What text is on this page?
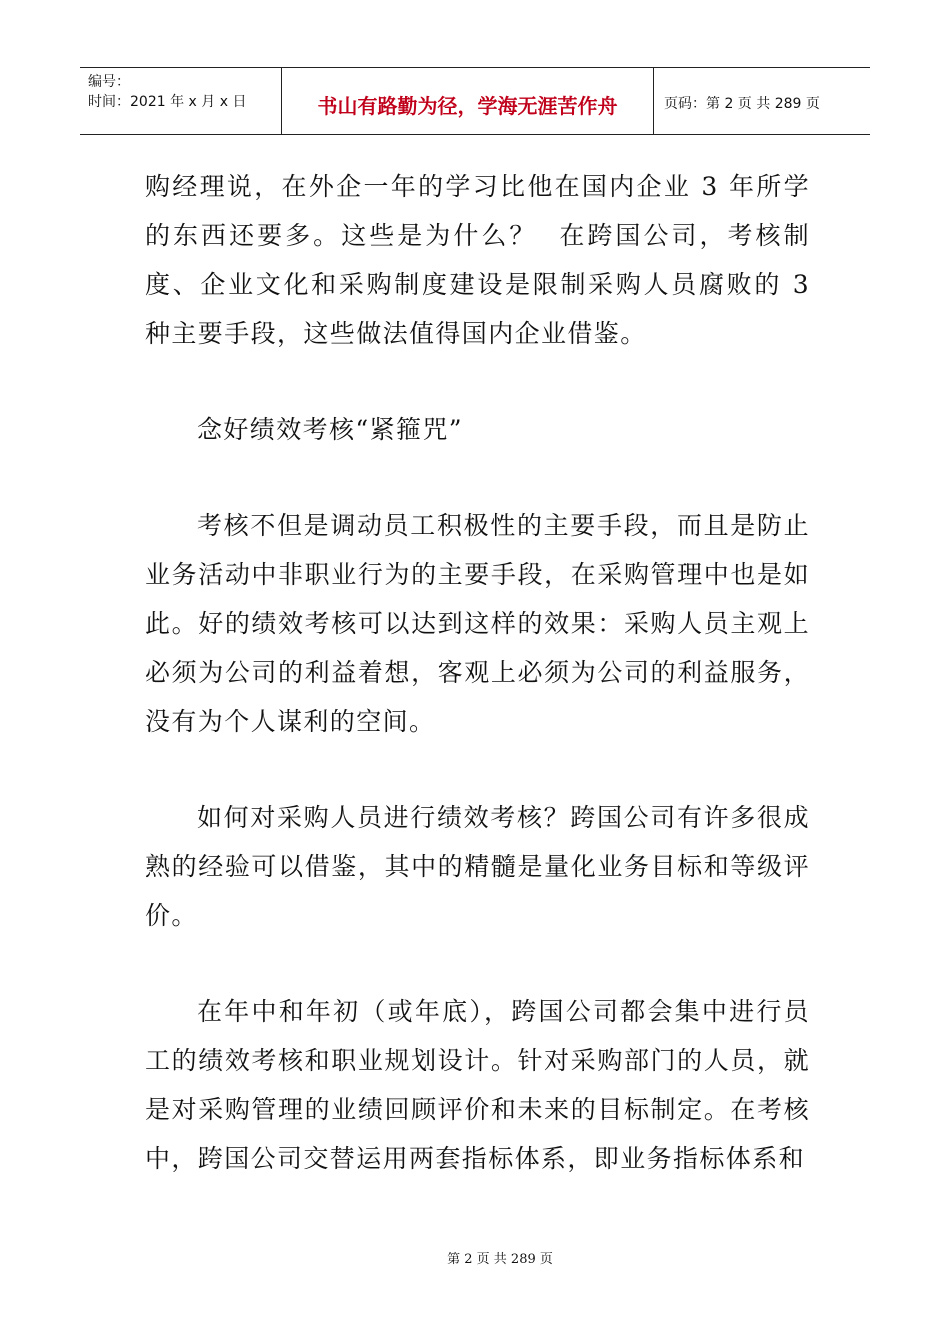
编号：
时间：2021 年 x 月 x 日	书山有路勤为径，学海无涯苦作舟	页码：第 2 页 共 289 页

购经理说，在外企一年的学习比他在国内企业 3 年所学的东西还要多。这些是为什么？  在跨国公司，考核制度、企业文化和采购制度建设是限制采购人员腐败的 3 种主要手段，这些做法值得国内企业借鉴。

念好绩效考核“紧箍咒”

考核不但是调动员工积极性的主要手段，而且是防止业务活动中非职业行为的主要手段，在采购管理中也是如此。好的绩效考核可以达到这样的效果：采购人员主观上必须为公司的利益着想，客观上必须为公司的利益服务，没有为个人谋利的空间。

如何对采购人员进行绩效考核？跨国公司有许多很成熟的经验可以借鉴，其中的精髓是量化业务目标和等级评价。

在年中和年初（或年底），跨国公司都会集中进行员工的绩效考核和职业规划设计。针对采购部门的人员，就是对采购管理的业绩回顾评价和未来的目标制定。在考核中，跨国公司交替运用两套指标体系，即业务指标体系和

第 2 页 共 289 页
